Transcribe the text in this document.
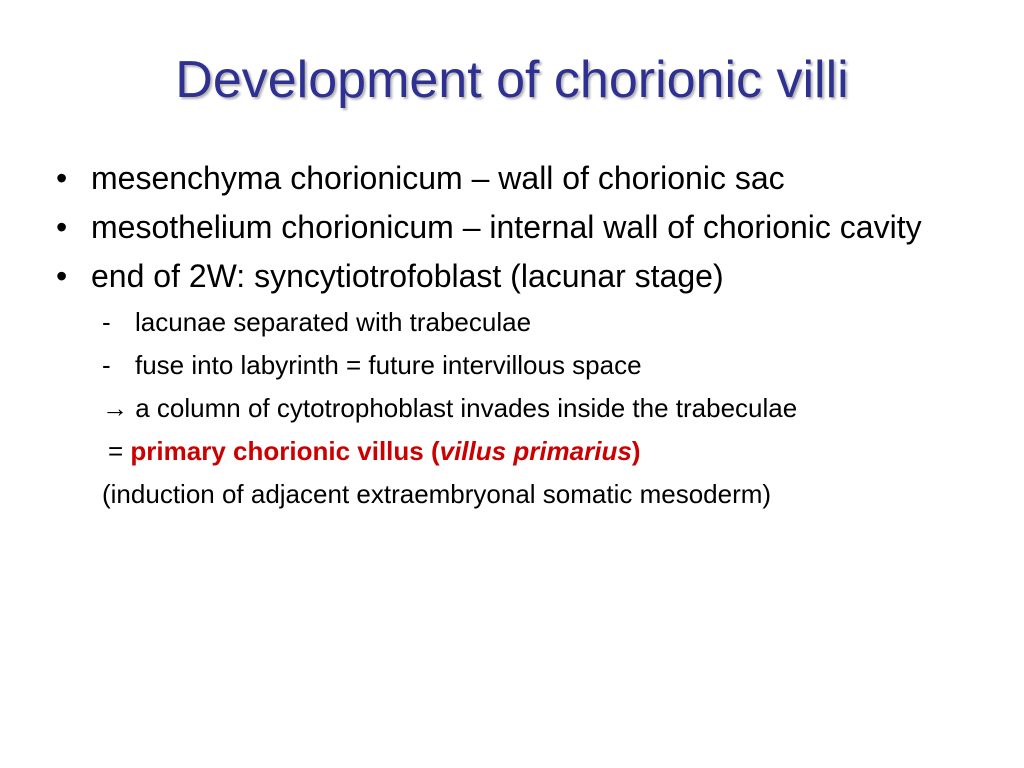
Development of chorionic villi
• mesenchyma chorionicum – wall of chorionic sac
• mesothelium chorionicum – internal wall of chorionic cavity
• end of 2W: syncytiotrofoblast (lacunar stage)
- lacunae separated with trabeculae
- fuse into labyrinth = future intervillous space
→ a column of cytotrophoblast invades inside the trabeculae
= primary chorionic villus (villus primarius)
(induction of adjacent extraembryonal somatic mesoderm)
